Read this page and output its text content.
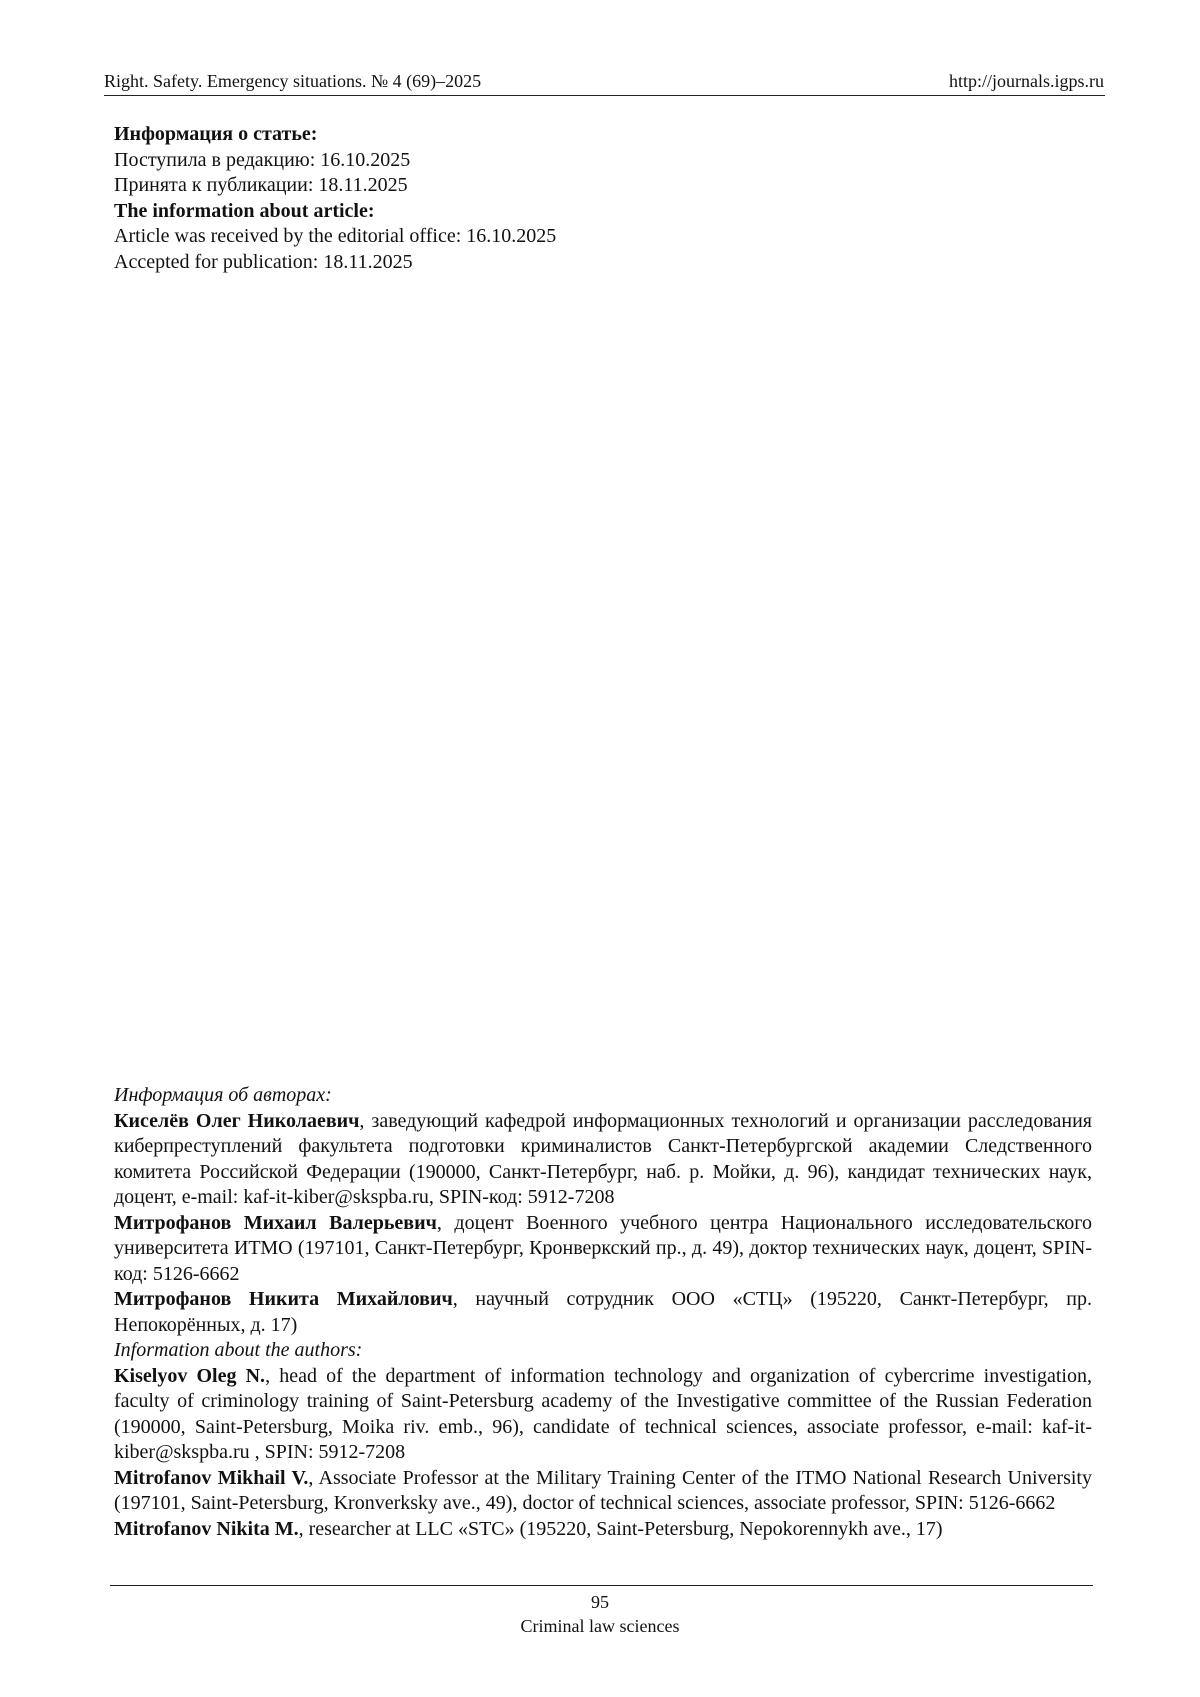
Right. Safety. Emergency situations. № 4 (69)–2025	http://journals.igps.ru
Информация о статье:
Поступила в редакцию: 16.10.2025
Принята к публикации: 18.11.2025
The information about article:
Article was received by the editorial office: 16.10.2025
Accepted for publication: 18.11.2025

Информация об авторах:

Киселёв Олег Николаевич, заведующий кафедрой информационных технологий и организации расследования киберпреступлений факультета подготовки криминалистов Санкт-Петербургской академии Следственного комитета Российской Федерации (190000, Санкт-Петербург, наб. р. Мойки, д. 96), кандидат технических наук, доцент, e-mail: kaf-it-kiber@skspba.ru, SPIN-код: 5912-7208

Митрофанов Михаил Валерьевич, доцент Военного учебного центра Национального исследовательского университета ИТМО (197101, Санкт-Петербург, Кронверкский пр., д. 49), доктор технических наук, доцент, SPIN-код: 5126-6662

Митрофанов Никита Михайлович, научный сотрудник ООО «СТЦ» (195220, Санкт-Петербург, пр. Непокорённых, д. 17)

Information about the authors:

Kiselyov Oleg N., head of the department of information technology and organization of cybercrime investigation, faculty of criminology training of Saint-Petersburg academy of the Investigative committee of the Russian Federation (190000, Saint-Petersburg, Moika riv. emb., 96), candidate of technical sciences, associate professor, e-mail: kaf-it-kiber@skspba.ru , SPIN: 5912-7208

Mitrofanov Mikhail V., Associate Professor at the Military Training Center of the ITMO National Research University (197101, Saint-Petersburg, Kronverksky ave., 49), doctor of technical sciences, associate professor, SPIN: 5126-6662

Mitrofanov Nikita M., researcher at LLC «STC» (195220, Saint-Petersburg, Nepokorennykh ave., 17)

95
Criminal law sciences
